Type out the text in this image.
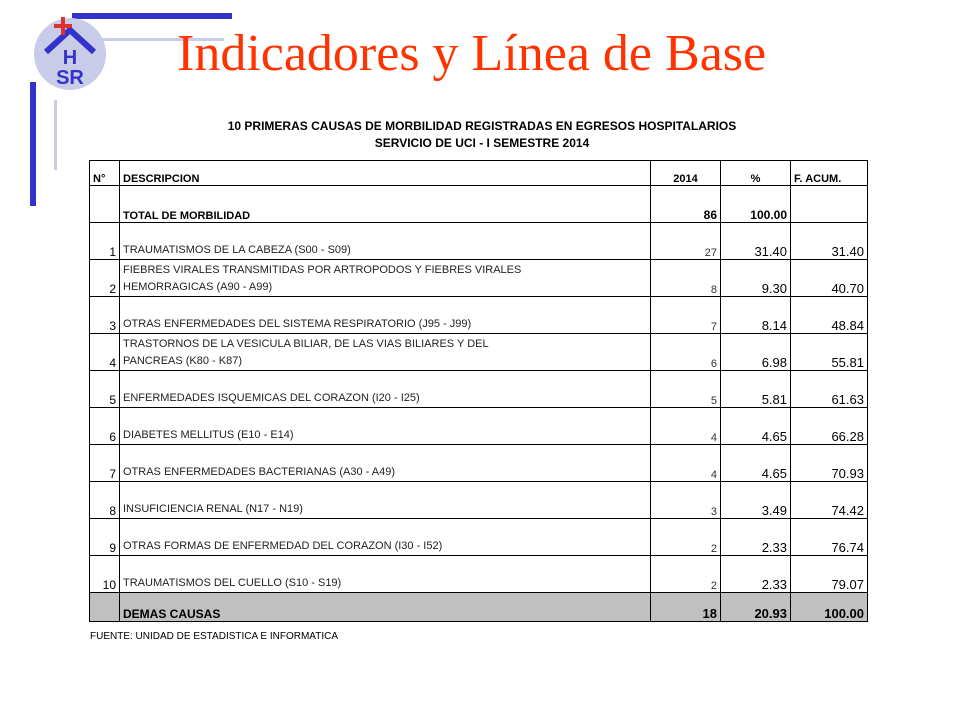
H
SR Indicadores y Línea de Base
10 PRIMERAS CAUSAS DE MORBILIDAD REGISTRADAS EN EGRESOS HOSPITALARIOS
SERVICIO DE UCI - I SEMESTRE 2014
N°	DESCRIPCION	2014	%	F. ACUM.
	TOTAL DE MORBILIDAD	86	100.00	
1	TRAUMATISMOS DE LA CABEZA (S00 - S09)	27	31.40	31.40
2	FIEBRES VIRALES TRANSMITIDAS POR ARTROPODOS Y FIEBRES VIRALES
HEMORRAGICAS (A90 - A99)	8	9.30	40.70
3	OTRAS ENFERMEDADES DEL SISTEMA RESPIRATORIO (J95 - J99)	7	8.14	48.84
4	TRASTORNOS DE LA VESICULA BILIAR, DE LAS VIAS BILIARES Y DEL
PANCREAS (K80 - K87)	6	6.98	55.81
5	ENFERMEDADES ISQUEMICAS DEL CORAZON (I20 - I25)	5	5.81	61.63
6	DIABETES MELLITUS (E10 - E14)	4	4.65	66.28
7	OTRAS ENFERMEDADES BACTERIANAS (A30 - A49)	4	4.65	70.93
8	INSUFICIENCIA RENAL (N17 - N19)	3	3.49	74.42
9	OTRAS FORMAS DE ENFERMEDAD DEL CORAZON (I30 - I52)	2	2.33	76.74
10	TRAUMATISMOS DEL CUELLO (S10 - S19)	2	2.33	79.07
	DEMAS CAUSAS	18	20.93	100.00
FUENTE: UNIDAD DE ESTADISTICA E INFORMATICA
